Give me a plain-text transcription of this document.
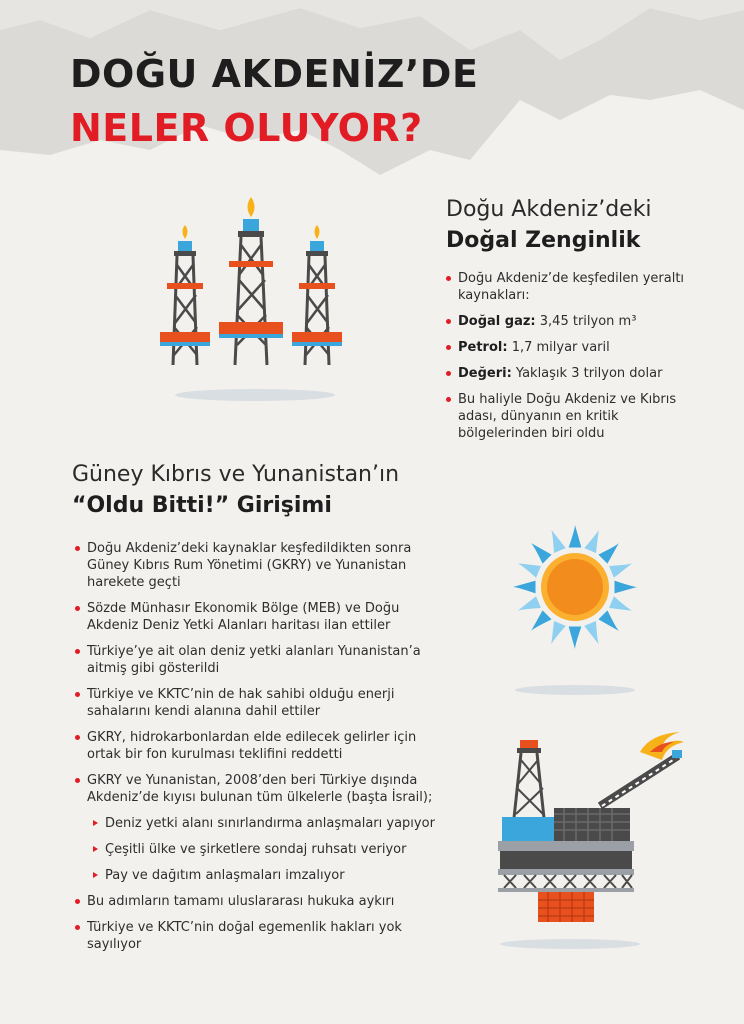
DOĞU AKDENİZ’DE
NELER OLUYOR?
Doğu Akdeniz’deki
Doğal Zenginlik
Doğu Akdeniz’de keşfedilen yeraltı kaynakları:
Doğal gaz: 3,45 trilyon m³
Petrol: 1,7 milyar varil
Değeri: Yaklaşık 3 trilyon dolar
Bu haliyle Doğu Akdeniz ve Kıbrıs adası, dünyanın en kritik bölgelerinden biri oldu
Güney Kıbrıs ve Yunanistan’ın
“Oldu Bitti!” Girişimi
Doğu Akdeniz’deki kaynaklar keşfedildikten sonra Güney Kıbrıs Rum Yönetimi (GKRY) ve Yunanistan harekete geçti
Sözde Münhasır Ekonomik Bölge (MEB) ve Doğu Akdeniz Deniz Yetki Alanları haritası ilan ettiler
Türkiye’ye ait olan deniz yetki alanları Yunanistan’a aitmiş gibi gösterildi
Türkiye ve KKTC’nin de hak sahibi olduğu enerji sahalarını kendi alanına dahil ettiler
GKRY, hidrokarbonlardan elde edilecek gelirler için ortak bir fon kurulması teklifini reddetti
GKRY ve Yunanistan, 2008’den beri Türkiye dışında Akdeniz’de kıyısı bulunan tüm ülkelerle (başta İsrail);
Deniz yetki alanı sınırlandırma anlaşmaları yapıyor
Çeşitli ülke ve şirketlere sondaj ruhsatı veriyor
Pay ve dağıtım anlaşmaları imzalıyor
Bu adımların tamamı uluslararası hukuka aykırı
Türkiye ve KKTC’nin doğal egemenlik hakları yok sayılıyor
